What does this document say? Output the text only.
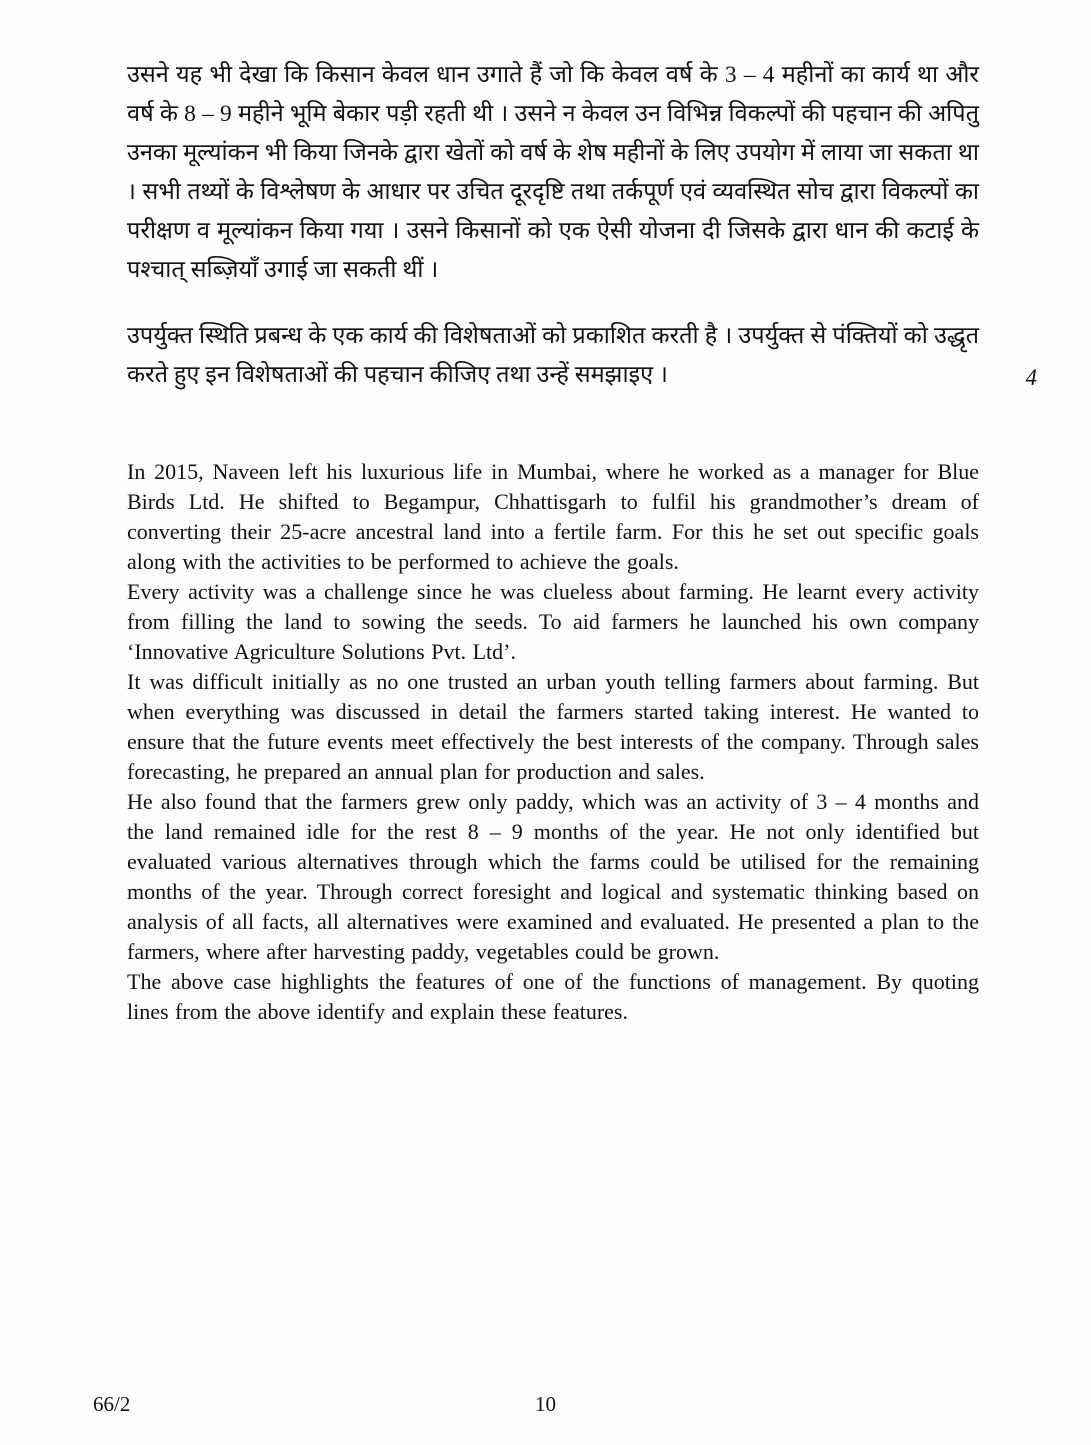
उसने यह भी देखा कि किसान केवल धान उगाते हैं जो कि केवल वर्ष के 3 – 4 महीनों का कार्य था और वर्ष के 8 – 9 महीने भूमि बेकार पड़ी रहती थी । उसने न केवल उन विभिन्न विकल्पों की पहचान की अपितु उनका मूल्यांकन भी किया जिनके द्वारा खेतों को वर्ष के शेष महीनों के लिए उपयोग में लाया जा सकता था । सभी तथ्यों के विश्लेषण के आधार पर उचित दूरदृष्टि तथा तर्कपूर्ण एवं व्यवस्थित सोच द्वारा विकल्पों का परीक्षण व मूल्यांकन किया गया । उसने किसानों को एक ऐसी योजना दी जिसके द्वारा धान की कटाई के पश्चात् सब्ज़ियाँ उगाई जा सकती थीं ।

उपर्युक्त स्थिति प्रबन्ध के एक कार्य की विशेषताओं को प्रकाशित करती है । उपर्युक्त से पंक्तियों को उद्धृत करते हुए इन विशेषताओं की पहचान कीजिए तथा उन्हें समझाइए ।	4

In 2015, Naveen left his luxurious life in Mumbai, where he worked as a manager for Blue Birds Ltd. He shifted to Begampur, Chhattisgarh to fulfil his grandmother’s dream of converting their 25-acre ancestral land into a fertile farm. For this he set out specific goals along with the activities to be performed to achieve the goals.

Every activity was a challenge since he was clueless about farming. He learnt every activity from filling the land to sowing the seeds. To aid farmers he launched his own company ‘Innovative Agriculture Solutions Pvt. Ltd’.

It was difficult initially as no one trusted an urban youth telling farmers about farming. But when everything was discussed in detail the farmers started taking interest. He wanted to ensure that the future events meet effectively the best interests of the company. Through sales forecasting, he prepared an annual plan for production and sales.

He also found that the farmers grew only paddy, which was an activity of 3 – 4 months and the land remained idle for the rest 8 – 9 months of the year. He not only identified but evaluated various alternatives through which the farms could be utilised for the remaining months of the year. Through correct foresight and logical and systematic thinking based on analysis of all facts, all alternatives were examined and evaluated. He presented a plan to the farmers, where after harvesting paddy, vegetables could be grown.

The above case highlights the features of one of the functions of management. By quoting lines from the above identify and explain these features.

66/2	10
